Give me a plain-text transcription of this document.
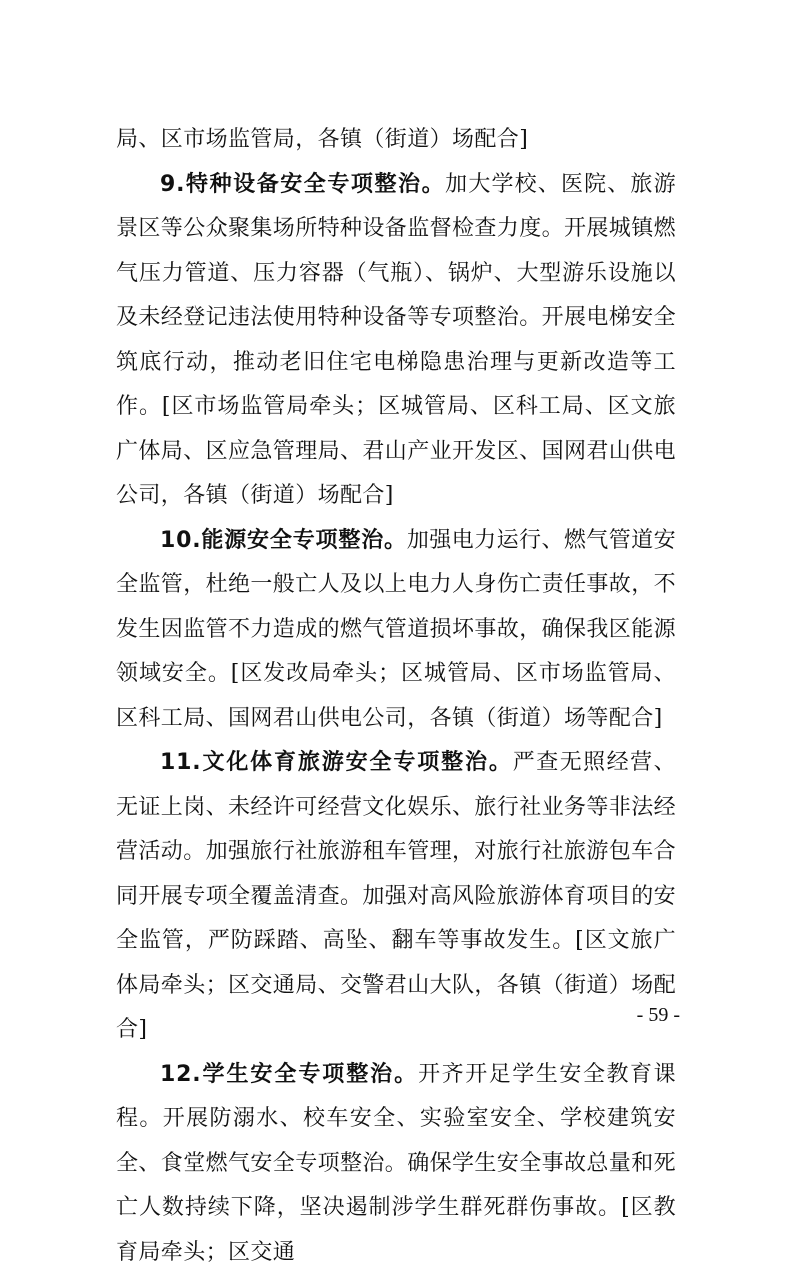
局、区市场监管局，各镇（街道）场配合]

9.特种设备安全专项整治。加大学校、医院、旅游景区等公众聚集场所特种设备监督检查力度。开展城镇燃气压力管道、压力容器（气瓶）、锅炉、大型游乐设施以及未经登记违法使用特种设备等专项整治。开展电梯安全筑底行动，推动老旧住宅电梯隐患治理与更新改造等工作。[区市场监管局牵头；区城管局、区科工局、区文旅广体局、区应急管理局、君山产业开发区、国网君山供电公司，各镇（街道）场配合]

10.能源安全专项整治。加强电力运行、燃气管道安全监管，杜绝一般亡人及以上电力人身伤亡责任事故，不发生因监管不力造成的燃气管道损坏事故，确保我区能源领域安全。[区发改局牵头；区城管局、区市场监管局、区科工局、国网君山供电公司，各镇（街道）场等配合]

11.文化体育旅游安全专项整治。严查无照经营、无证上岗、未经许可经营文化娱乐、旅行社业务等非法经营活动。加强旅行社旅游租车管理，对旅行社旅游包车合同开展专项全覆盖清查。加强对高风险旅游体育项目的安全监管，严防踩踏、高坠、翻车等事故发生。[区文旅广体局牵头；区交通局、交警君山大队，各镇（街道）场配合]

12.学生安全专项整治。开齐开足学生安全教育课程。开展防溺水、校车安全、实验室安全、学校建筑安全、食堂燃气安全专项整治。确保学生安全事故总量和死亡人数持续下降，坚决遏制涉学生群死群伤事故。[区教育局牵头；区交通

- 59 -
